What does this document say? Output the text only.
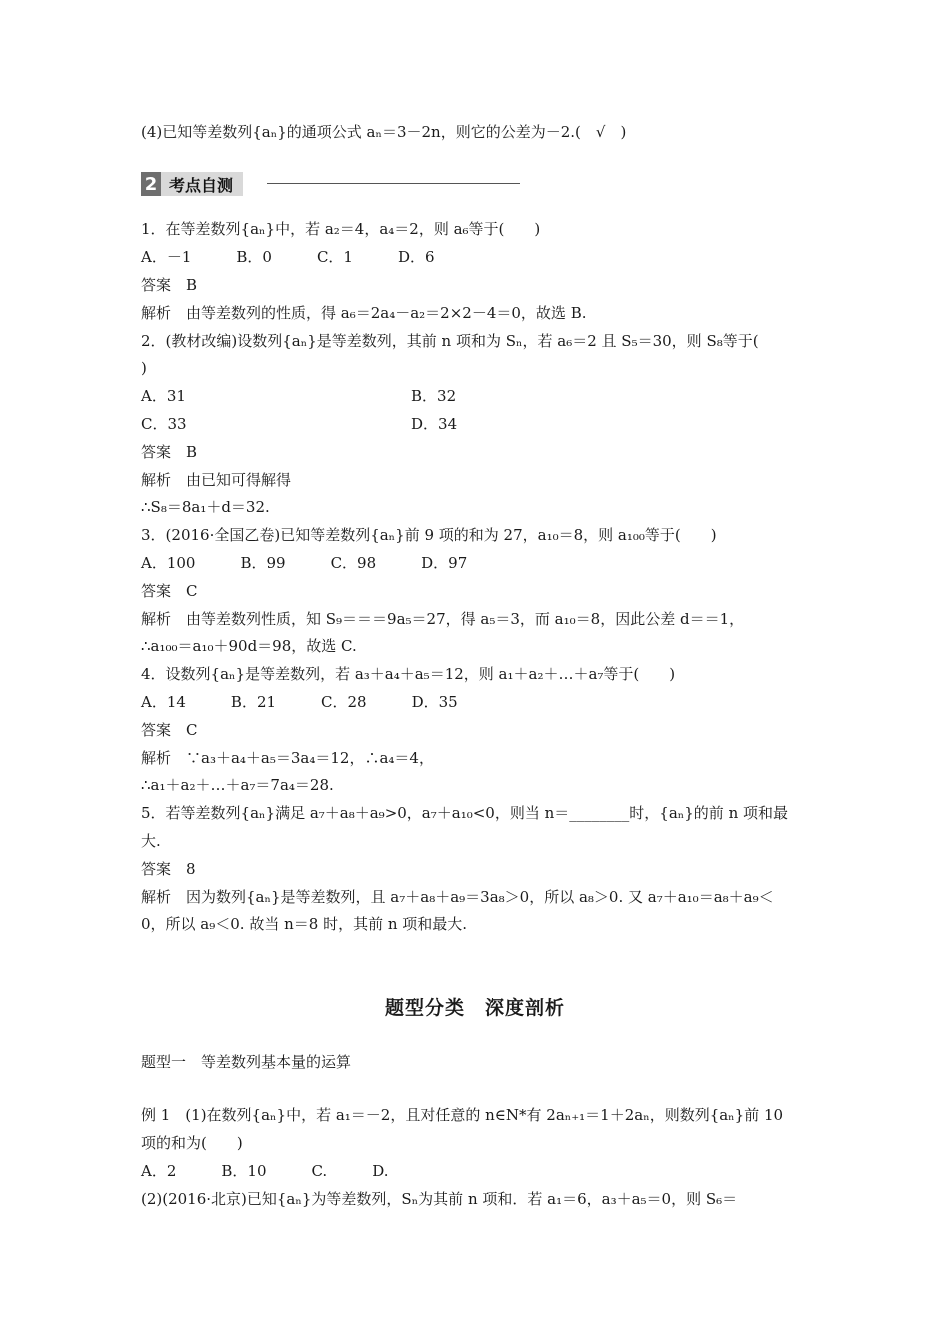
2 考点自测
A．31	B．32
C．33	D．34
题型分类　深度剖析
(4)已知等差数列{aₙ}的通项公式 aₙ＝3－2n，则它的公差为－2.(　√　)
1．在等差数列{aₙ}中，若 a₂＝4，a₄＝2，则 a₆等于(　　)
A．－1　　　B．0　　　C．1　　　D．6
答案　B
解析　由等差数列的性质，得 a₆＝2a₄－a₂＝2×2－4＝0，故选 B.
2．(教材改编)设数列{aₙ}是等差数列，其前 n 项和为 Sₙ，若 a₆＝2 且 S₅＝30，则 S₈等于(
)
答案　B
解析　由已知可得解得
∴S₈＝8a₁＋d＝32.
3．(2016·全国乙卷)已知等差数列{aₙ}前 9 项的和为 27，a₁₀＝8，则 a₁₀₀等于(　　)
A．100　　　B．99　　　C．98　　　D．97
答案　C
解析　由等差数列性质，知 S₉＝＝＝9a₅＝27，得 a₅＝3，而 a₁₀＝8，因此公差 d＝＝1，
∴a₁₀₀＝a₁₀＋90d＝98，故选 C.
4．设数列{aₙ}是等差数列，若 a₃＋a₄＋a₅＝12，则 a₁＋a₂＋…＋a₇等于(　　)
A．14　　　B．21　　　C．28　　　D．35
答案　C
解析　∵a₃＋a₄＋a₅＝3a₄＝12，∴a₄＝4，
∴a₁＋a₂＋…＋a₇＝7a₄＝28.
5．若等差数列{aₙ}满足 a₇＋a₈＋a₉>0，a₇＋a₁₀<0，则当 n＝________时，{aₙ}的前 n 项和最
大.
答案　8
解析　因为数列{aₙ}是等差数列，且 a₇＋a₈＋a₉＝3a₈＞0，所以 a₈＞0. 又 a₇＋a₁₀＝a₈＋a₉＜
0，所以 a₉＜0. 故当 n＝8 时，其前 n 项和最大.
题型一　等差数列基本量的运算
例 1　(1)在数列{aₙ}中，若 a₁＝－2，且对任意的 n∈N*有 2aₙ₊₁＝1＋2aₙ，则数列{aₙ}前 10
项的和为(　　)
A．2　　　B．10　　　C.　　　D.
(2)(2016·北京)已知{aₙ}为等差数列，Sₙ为其前 n 项和．若 a₁＝6，a₃＋a₅＝0，则 S₆＝
